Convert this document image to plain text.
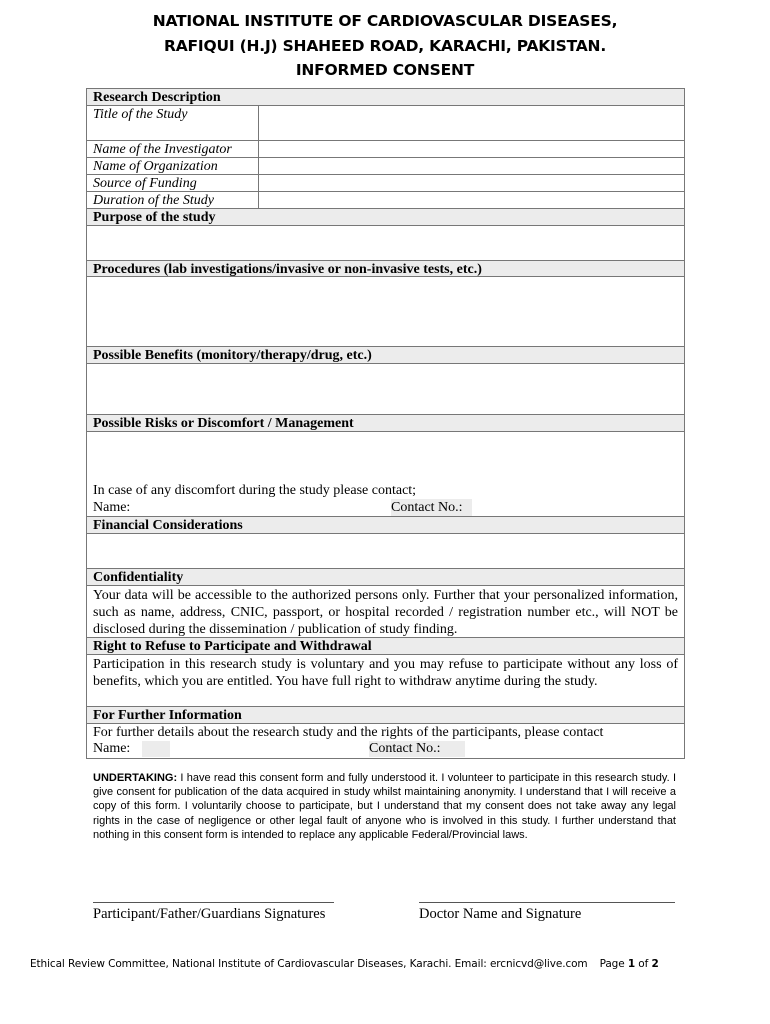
NATIONAL INSTITUTE OF CARDIOVASCULAR DISEASES,
RAFIQUI (H.J) SHAHEED ROAD, KARACHI, PAKISTAN.
INFORMED CONSENT
Research Description
Title of the Study
Name of the Investigator
Name of Organization
Source of Funding
Duration of the Study
Purpose of the study
Procedures (lab investigations/invasive or non-invasive tests, etc.)
Possible Benefits (monitory/therapy/drug, etc.)
Possible Risks or Discomfort / Management
In case of any discomfort during the study please contact;
Name:	Contact No.:
Financial Considerations
Confidentiality
Your data will be accessible to the authorized persons only. Further that your personalized information, such as name, address, CNIC, passport, or hospital recorded / registration number etc., will NOT be disclosed during the dissemination / publication of study finding.
Right to Refuse to Participate and Withdrawal
Participation in this research study is voluntary and you may refuse to participate without any loss of benefits, which you are entitled. You have full right to withdraw anytime during the study.
For Further Information
For further details about the research study and the rights of the participants, please contact
Name:	Contact No.:
UNDERTAKING: I have read this consent form and fully understood it. I volunteer to participate in this research study. I give consent for publication of the data acquired in study whilst maintaining anonymity. I understand that I will receive a copy of this form. I voluntarily choose to participate, but I understand that my consent does not take away any legal rights in the case of negligence or other legal fault of anyone who is involved in this study. I further understand that nothing in this consent form is intended to replace any applicable Federal/Provincial laws.
Participant/Father/Guardians Signatures	Doctor Name and Signature
Ethical Review Committee, National Institute of Cardiovascular Diseases, Karachi. Email: ercnicvd@live.com Page 1 of 2
